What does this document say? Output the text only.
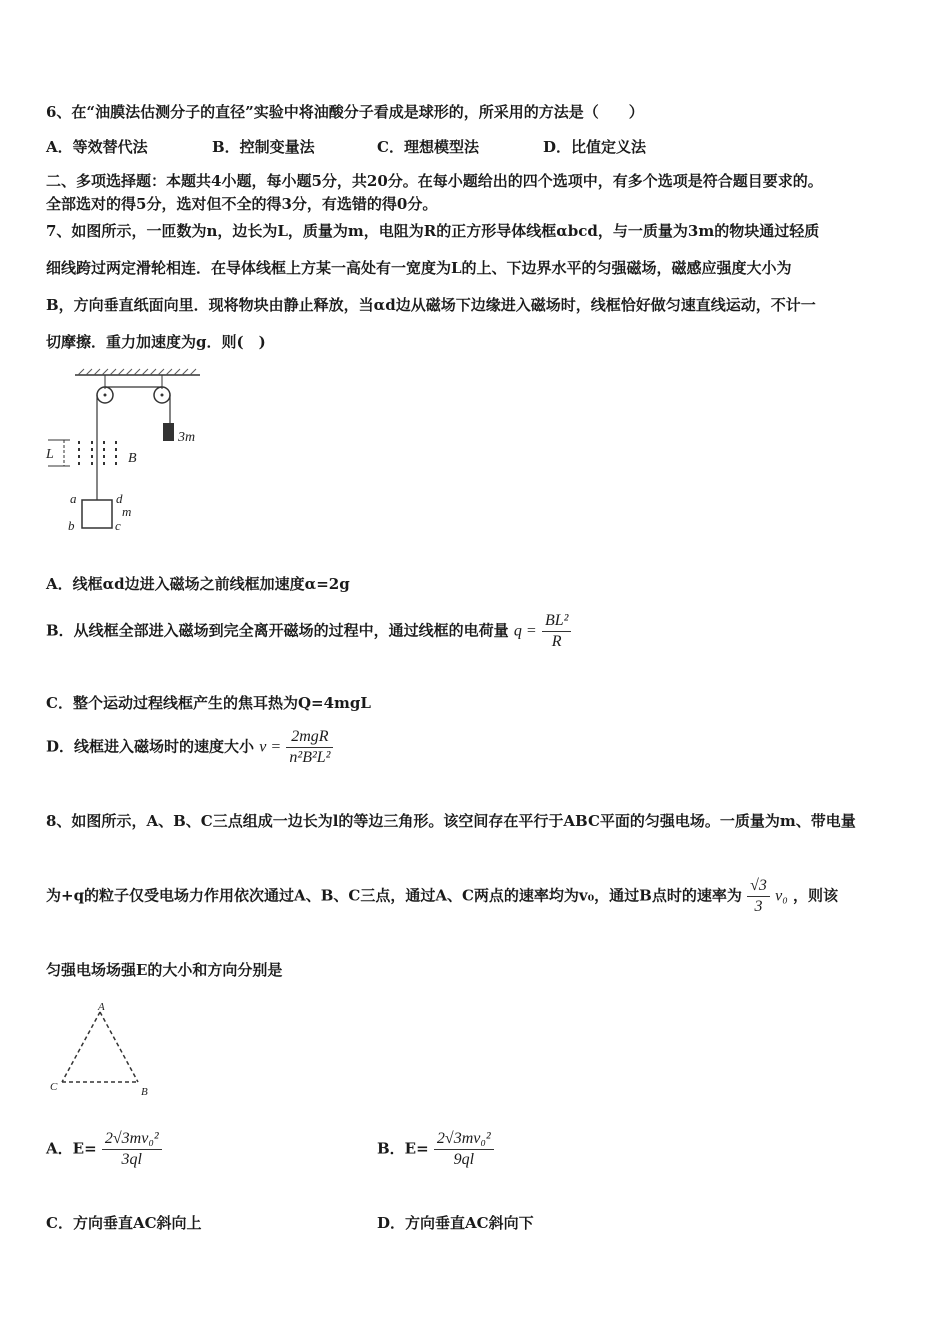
6、在“油膜法估测分子的直径”实验中将油酸分子看成是球形的，所采用的方法是（　　）
A．等效替代法	B．控制变量法	C．理想模型法	D．比值定义法
二、多项选择题：本题共4小题，每小题5分，共20分。在每小题给出的四个选项中，有多个选项是符合题目要求的。
全部选对的得5分，选对但不全的得3分，有选错的得0分。
7、如图所示，一匝数为n，边长为L，质量为m，电阻为R的正方形导体线框αbcd，与一质量为3m的物块通过轻质
细线跨过两定滑轮相连．在导体线框上方某一高处有一宽度为L的上、下边界水平的匀强磁场，磁感应强度大小为
B，方向垂直纸面向里．现将物块由静止释放，当αd边从磁场下边缘进入磁场时，线框恰好做匀速直线运动，不计一
切摩擦．重力加速度为g．则(　)
3m
L	B
a
b	c
d
m
A．线框αd边进入磁场之前线框加速度α=2g
B．从线框全部进入磁场到完全离开磁场的过程中，通过线框的电荷量 $q = \frac{\text{BL²}}{R}$
C．整个运动过程线框产生的焦耳热为Q=4mgL
D．线框进入磁场时的速度大小 $v = \frac{\text{2mgR}}{\text{n²B²L²}}$
8、如图所示，A、B、C三点组成一边长为l的等边三角形。该空间存在平行于ABC平面的匀强电场。一质量为m、带电量
为+q的粒子仅受电场力作用依次通过A、B、C三点，通过A、C两点的速率均为v₀，通过B点时的速率为 $\frac{√3}{3} v_0$ ，则该
匀强电场场强E的大小和方向分别是
A
C	B
A．$E= \frac{\text{2√3mv₀²}}{3ql}$	B．$E= \frac{\text{2√3mv₀²}}{9ql}$
C．方向垂直AC斜向上	D．方向垂直AC斜向下
